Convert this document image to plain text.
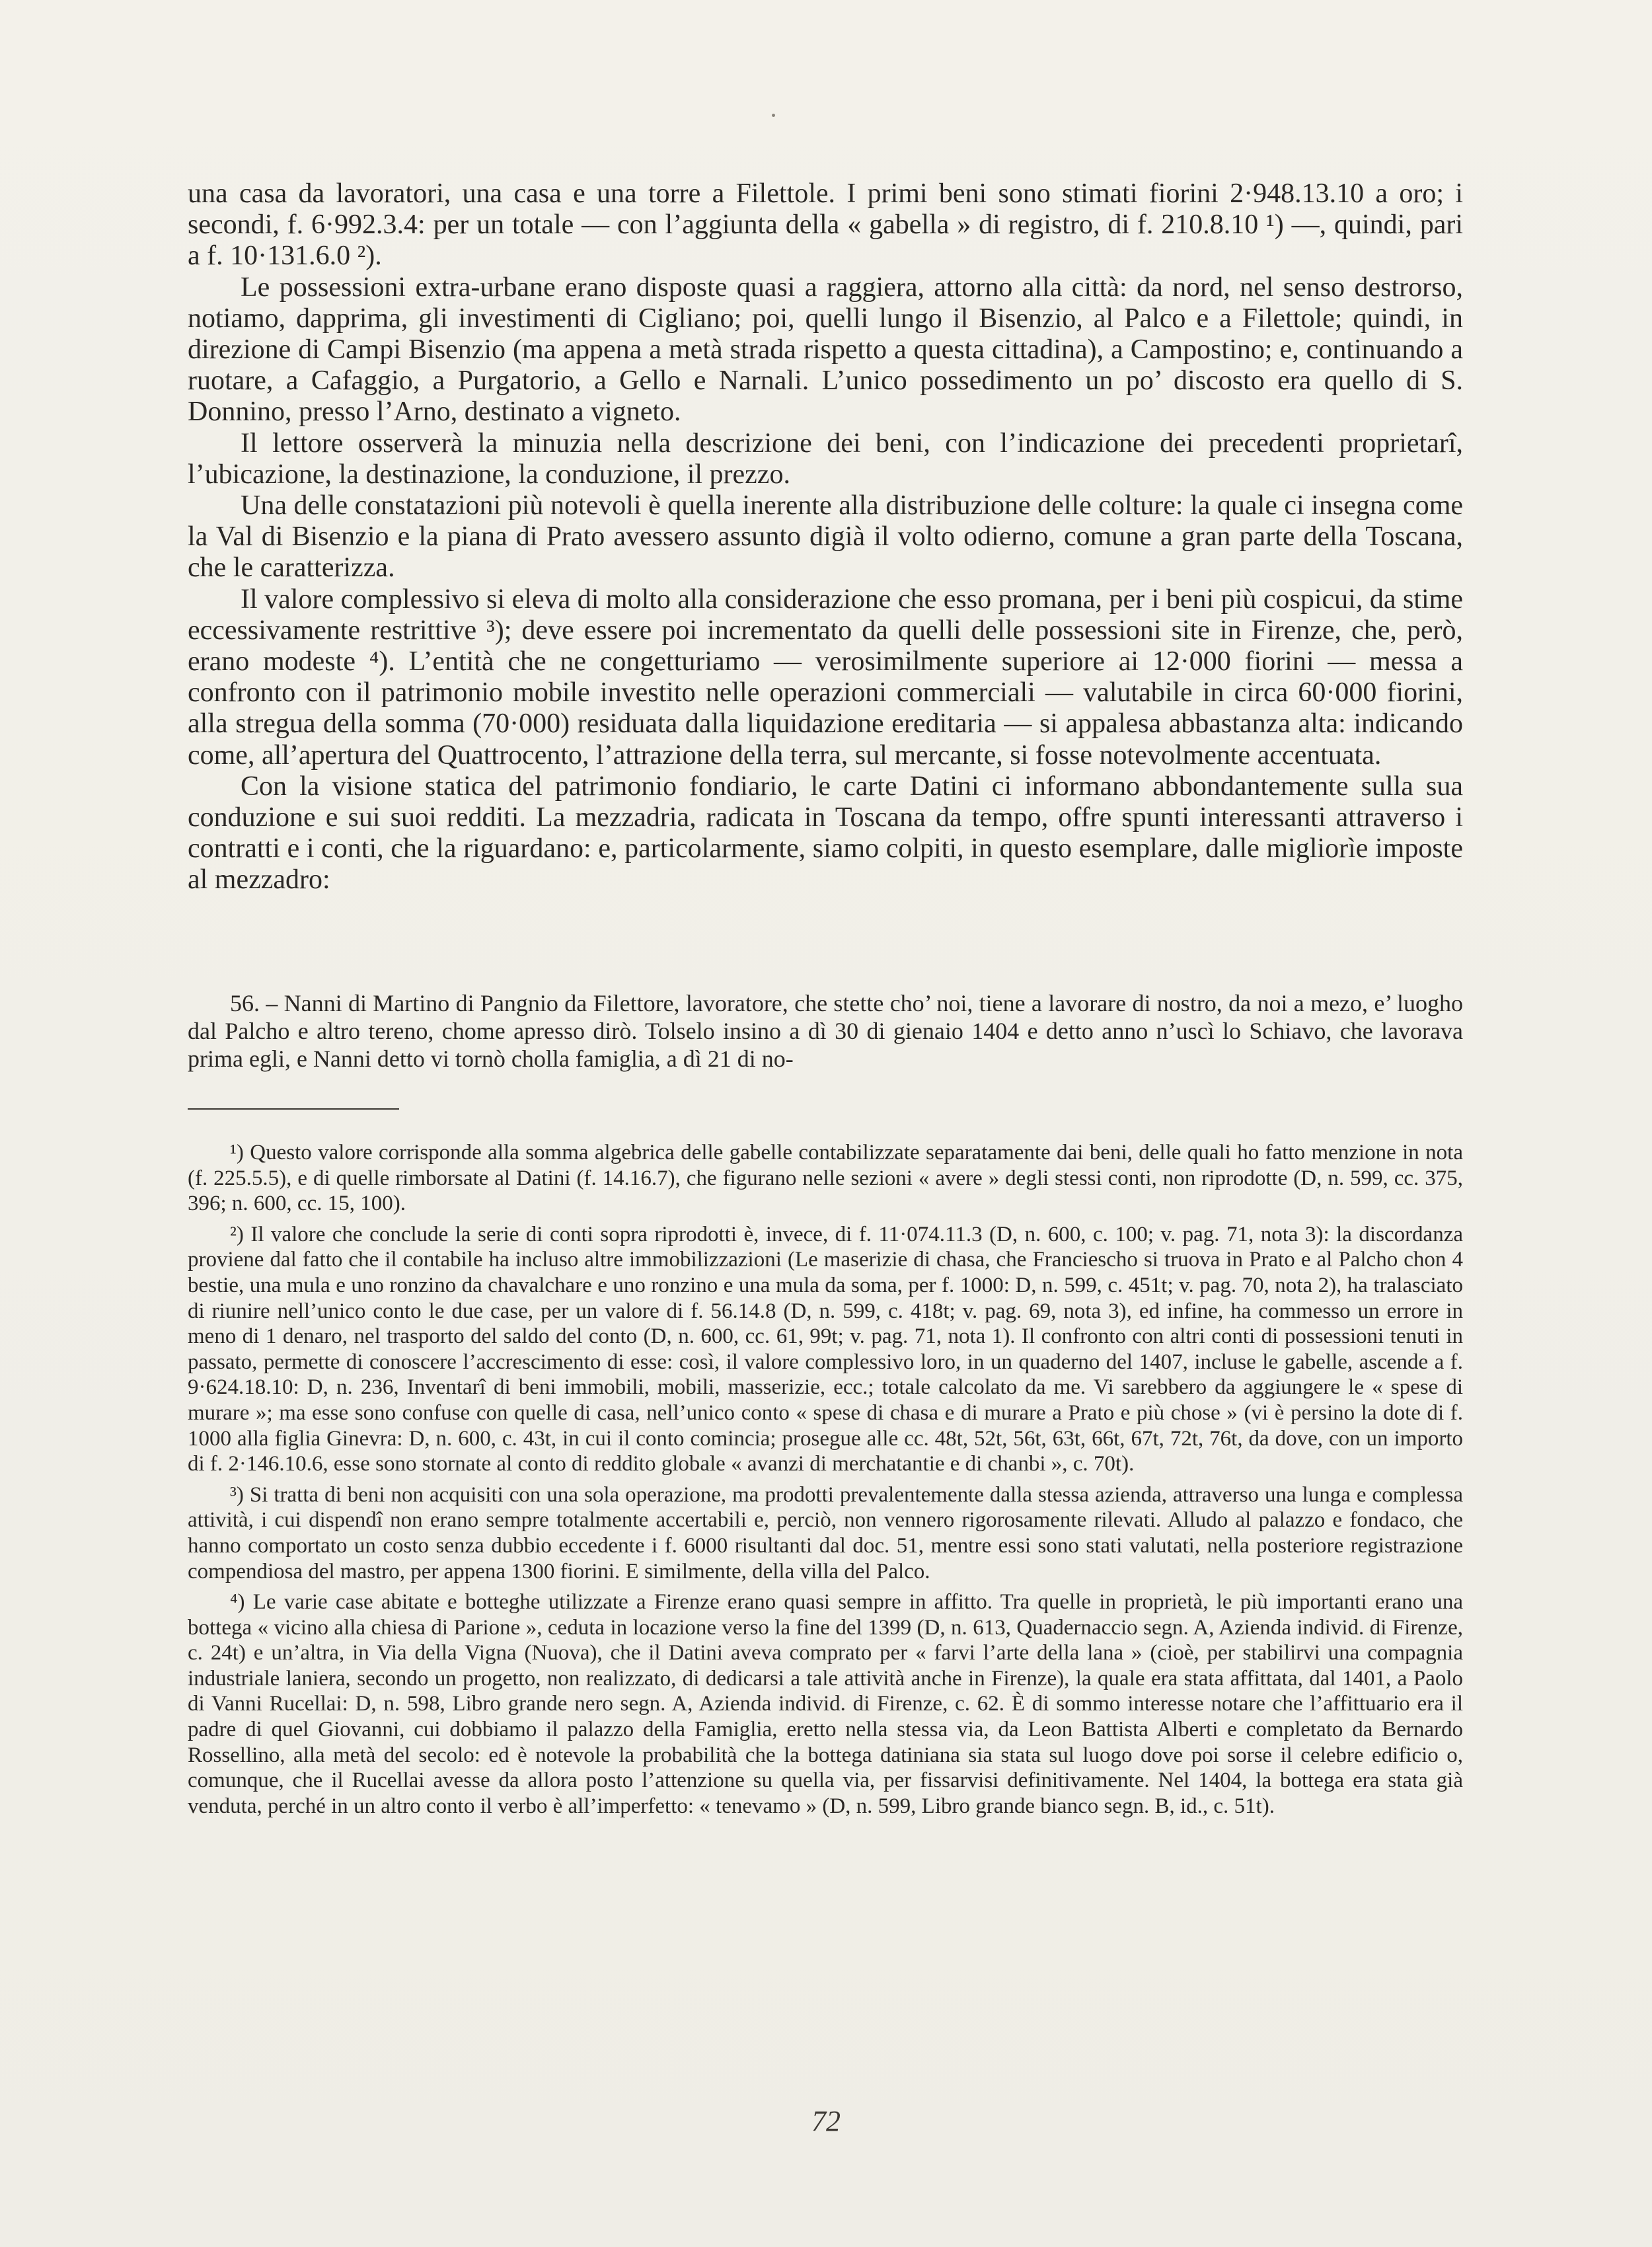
una casa da lavoratori, una casa e una torre a Filettole. I primi beni sono stimati fiorini 2·948.13.10 a oro; i secondi, f. 6·992.3.4: per un totale — con l’aggiunta della « gabella » di registro, di f. 210.8.10 ¹) —, quindi, pari a f. 10·131.6.0 ²).

Le possessioni extra-urbane erano disposte quasi a raggiera, attorno alla città: da nord, nel senso destrorso, notiamo, dapprima, gli investimenti di Cigliano; poi, quelli lungo il Bisenzio, al Palco e a Filettole; quindi, in direzione di Campi Bisenzio (ma appena a metà strada rispetto a questa cittadina), a Campostino; e, continuando a ruotare, a Cafaggio, a Purgatorio, a Gello e Narnali. L’unico possedimento un po’ discosto era quello di S. Donnino, presso l’Arno, destinato a vigneto.

Il lettore osserverà la minuzia nella descrizione dei beni, con l’indicazione dei precedenti proprietarî, l’ubicazione, la destinazione, la conduzione, il prezzo.

Una delle constatazioni più notevoli è quella inerente alla distribuzione delle colture: la quale ci insegna come la Val di Bisenzio e la piana di Prato avessero assunto digià il volto odierno, comune a gran parte della Toscana, che le caratterizza.

Il valore complessivo si eleva di molto alla considerazione che esso promana, per i beni più cospicui, da stime eccessivamente restrittive ³); deve essere poi incrementato da quelli delle possessioni site in Firenze, che, però, erano modeste ⁴). L’entità che ne congetturiamo — verosimilmente superiore ai 12·000 fiorini — messa a confronto con il patrimonio mobile investito nelle operazioni commerciali — valutabile in circa 60·000 fiorini, alla stregua della somma (70·000) residuata dalla liquidazione ereditaria — si appalesa abbastanza alta: indicando come, all’apertura del Quattrocento, l’attrazione della terra, sul mercante, si fosse notevolmente accentuata.

Con la visione statica del patrimonio fondiario, le carte Datini ci informano abbondantemente sulla sua conduzione e sui suoi redditi. La mezzadria, radicata in Toscana da tempo, offre spunti interessanti attraverso i contratti e i conti, che la riguardano: e, particolarmente, siamo colpiti, in questo esemplare, dalle migliorìe imposte al mezzadro:

56. – Nanni di Martino di Pangnio da Filettore, lavoratore, che stette cho’ noi, tiene a lavorare di nostro, da noi a mezo, e’ luogho dal Palcho e altro tereno, chome apresso dirò. Tolselo insino a dì 30 di gienaio 1404 e detto anno n’uscì lo Schiavo, che lavorava prima egli, e Nanni detto vi tornò cholla famiglia, a dì 21 di no-

¹) Questo valore corrisponde alla somma algebrica delle gabelle contabilizzate separatamente dai beni, delle quali ho fatto menzione in nota (f. 225.5.5), e di quelle rimborsate al Datini (f. 14.16.7), che figurano nelle sezioni « avere » degli stessi conti, non riprodotte (D, n. 599, cc. 375, 396; n. 600, cc. 15, 100).

²) Il valore che conclude la serie di conti sopra riprodotti è, invece, di f. 11·074.11.3 (D, n. 600, c. 100; v. pag. 71, nota 3): la discordanza proviene dal fatto che il contabile ha incluso altre immobilizzazioni (Le maserizie di chasa, che Franciescho si truova in Prato e al Palcho chon 4 bestie, una mula e uno ronzino da chavalchare e uno ronzino e una mula da soma, per f. 1000: D, n. 599, c. 451t; v. pag. 70, nota 2), ha tralasciato di riunire nell’unico conto le due case, per un valore di f. 56.14.8 (D, n. 599, c. 418t; v. pag. 69, nota 3), ed infine, ha commesso un errore in meno di 1 denaro, nel trasporto del saldo del conto (D, n. 600, cc. 61, 99t; v. pag. 71, nota 1). Il confronto con altri conti di possessioni tenuti in passato, permette di conoscere l’accrescimento di esse: così, il valore complessivo loro, in un quaderno del 1407, incluse le gabelle, ascende a f. 9·624.18.10: D, n. 236, Inventarî di beni immobili, mobili, masserizie, ecc.; totale calcolato da me. Vi sarebbero da aggiungere le « spese di murare »; ma esse sono confuse con quelle di casa, nell’unico conto « spese di chasa e di murare a Prato e più chose » (vi è persino la dote di f. 1000 alla figlia Ginevra: D, n. 600, c. 43t, in cui il conto comincia; prosegue alle cc. 48t, 52t, 56t, 63t, 66t, 67t, 72t, 76t, da dove, con un importo di f. 2·146.10.6, esse sono stornate al conto di reddito globale « avanzi di merchatantie e di chanbi », c. 70t).

³) Si tratta di beni non acquisiti con una sola operazione, ma prodotti prevalentemente dalla stessa azienda, attraverso una lunga e complessa attività, i cui dispendî non erano sempre totalmente accertabili e, perciò, non vennero rigorosamente rilevati. Alludo al palazzo e fondaco, che hanno comportato un costo senza dubbio eccedente i f. 6000 risultanti dal doc. 51, mentre essi sono stati valutati, nella posteriore registrazione compendiosa del mastro, per appena 1300 fiorini. E similmente, della villa del Palco.

⁴) Le varie case abitate e botteghe utilizzate a Firenze erano quasi sempre in affitto. Tra quelle in proprietà, le più importanti erano una bottega « vicino alla chiesa di Parione », ceduta in locazione verso la fine del 1399 (D, n. 613, Quadernaccio segn. A, Azienda individ. di Firenze, c. 24t) e un’altra, in Via della Vigna (Nuova), che il Datini aveva comprato per « farvi l’arte della lana » (cioè, per stabilirvi una compagnia industriale laniera, secondo un progetto, non realizzato, di dedicarsi a tale attività anche in Firenze), la quale era stata affittata, dal 1401, a Paolo di Vanni Rucellai: D, n. 598, Libro grande nero segn. A, Azienda individ. di Firenze, c. 62. È di sommo interesse notare che l’affittuario era il padre di quel Giovanni, cui dobbiamo il palazzo della Famiglia, eretto nella stessa via, da Leon Battista Alberti e completato da Bernardo Rossellino, alla metà del secolo: ed è notevole la probabilità che la bottega datiniana sia stata sul luogo dove poi sorse il celebre edificio o, comunque, che il Rucellai avesse da allora posto l’attenzione su quella via, per fissarvisi definitivamente. Nel 1404, la bottega era stata già venduta, perché in un altro conto il verbo è all’imperfetto: « tenevamo » (D, n. 599, Libro grande bianco segn. B, id., c. 51t).

72
